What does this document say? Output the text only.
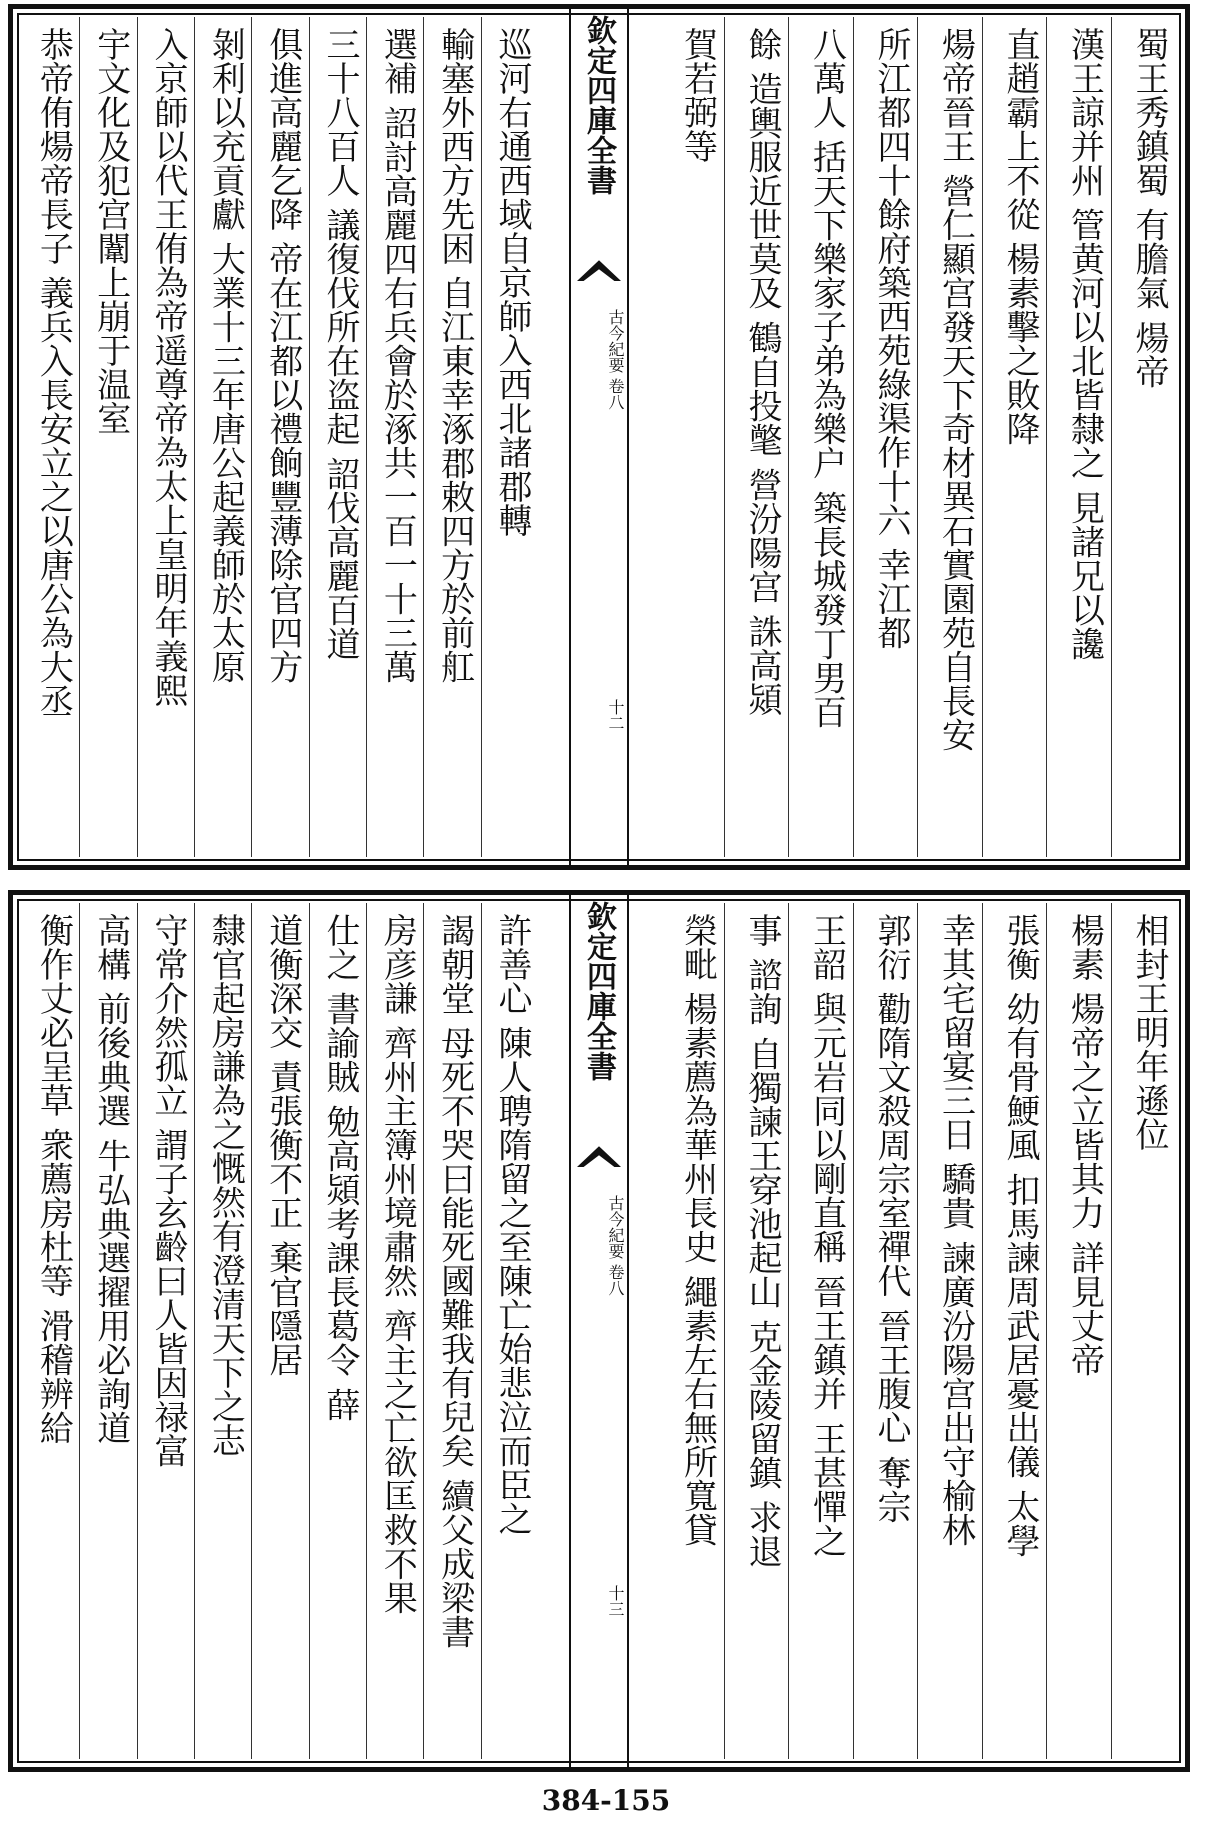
蜀王秀鎮蜀 有膽氣 煬帝
漢王諒并州 管黄河以北皆隸之 見諸兄以讒
直趙霸上不從 楊素擊之敗降
煬帝晉王 營仁顯宫發天下奇材異石實園苑自長安
所江都四十餘府築西苑綠渠作十六 幸江都
八萬人 括天下樂家子弟為樂户 築長城發丁男百
餘 造輿服近世莫及 鶴自投氅 營汾陽宫 誅高熲
賀若弼等
欽定四庫全書
古今紀要 卷八
十二
巡河右通西域自京師入西北諸郡轉
輸塞外西方先困 自江東幸涿郡敕四方於前舡
選補 詔討高麗四右兵會於涿共一百一十三萬
三十八百人 議復伐所在盗起 詔伐高麗百道
俱進高麗乞降 帝在江都以禮餉豐薄除官四方
剝利以充貢獻 大業十三年唐公起義師於太原
入京師以代王侑為帝遥尊帝為太上皇明年義熙
宇文化及犯宫闈上崩于温室
恭帝侑煬帝長子 義兵入長安立之以唐公為大丞
相封王明年遜位
楊素 煬帝之立皆其力 詳見丈帝
張衡 幼有骨鯁風 扣馬諫周武居憂出儀 太學
幸其宅留宴三日 驕貴 諫廣汾陽宫出守榆林
郭衍 勸隋文殺周宗室禪代 晉王腹心 奪宗
王韶 與元岩同以剛直稱 晉王鎮并 王甚憚之
事 諮詢 自獨諫王穿池起山 克金陵留鎮 求退
榮毗 楊素薦為華州長史 繩素左右無所寬貸
欽定四庫全書
古今紀要 卷八
十三
許善心 陳人聘隋留之至陳亡始悲泣而臣之
謁朝堂 母死不哭曰能死國難我有兒矣 續父成梁書
房彦謙 齊州主簿州境肅然 齊主之亡欲匡救不果
仕之 書諭賊 勉高熲考課長葛令 薛
道衡深交 責張衡不正 棄官隱居
隸官起房謙為之慨然有澄清天下之志
守常介然孤立 謂子玄齡曰人皆因禄富
高構 前後典選 牛弘典選擢用必詢道
衡作丈必呈草 衆薦房杜等 滑稽辨給
384-155
